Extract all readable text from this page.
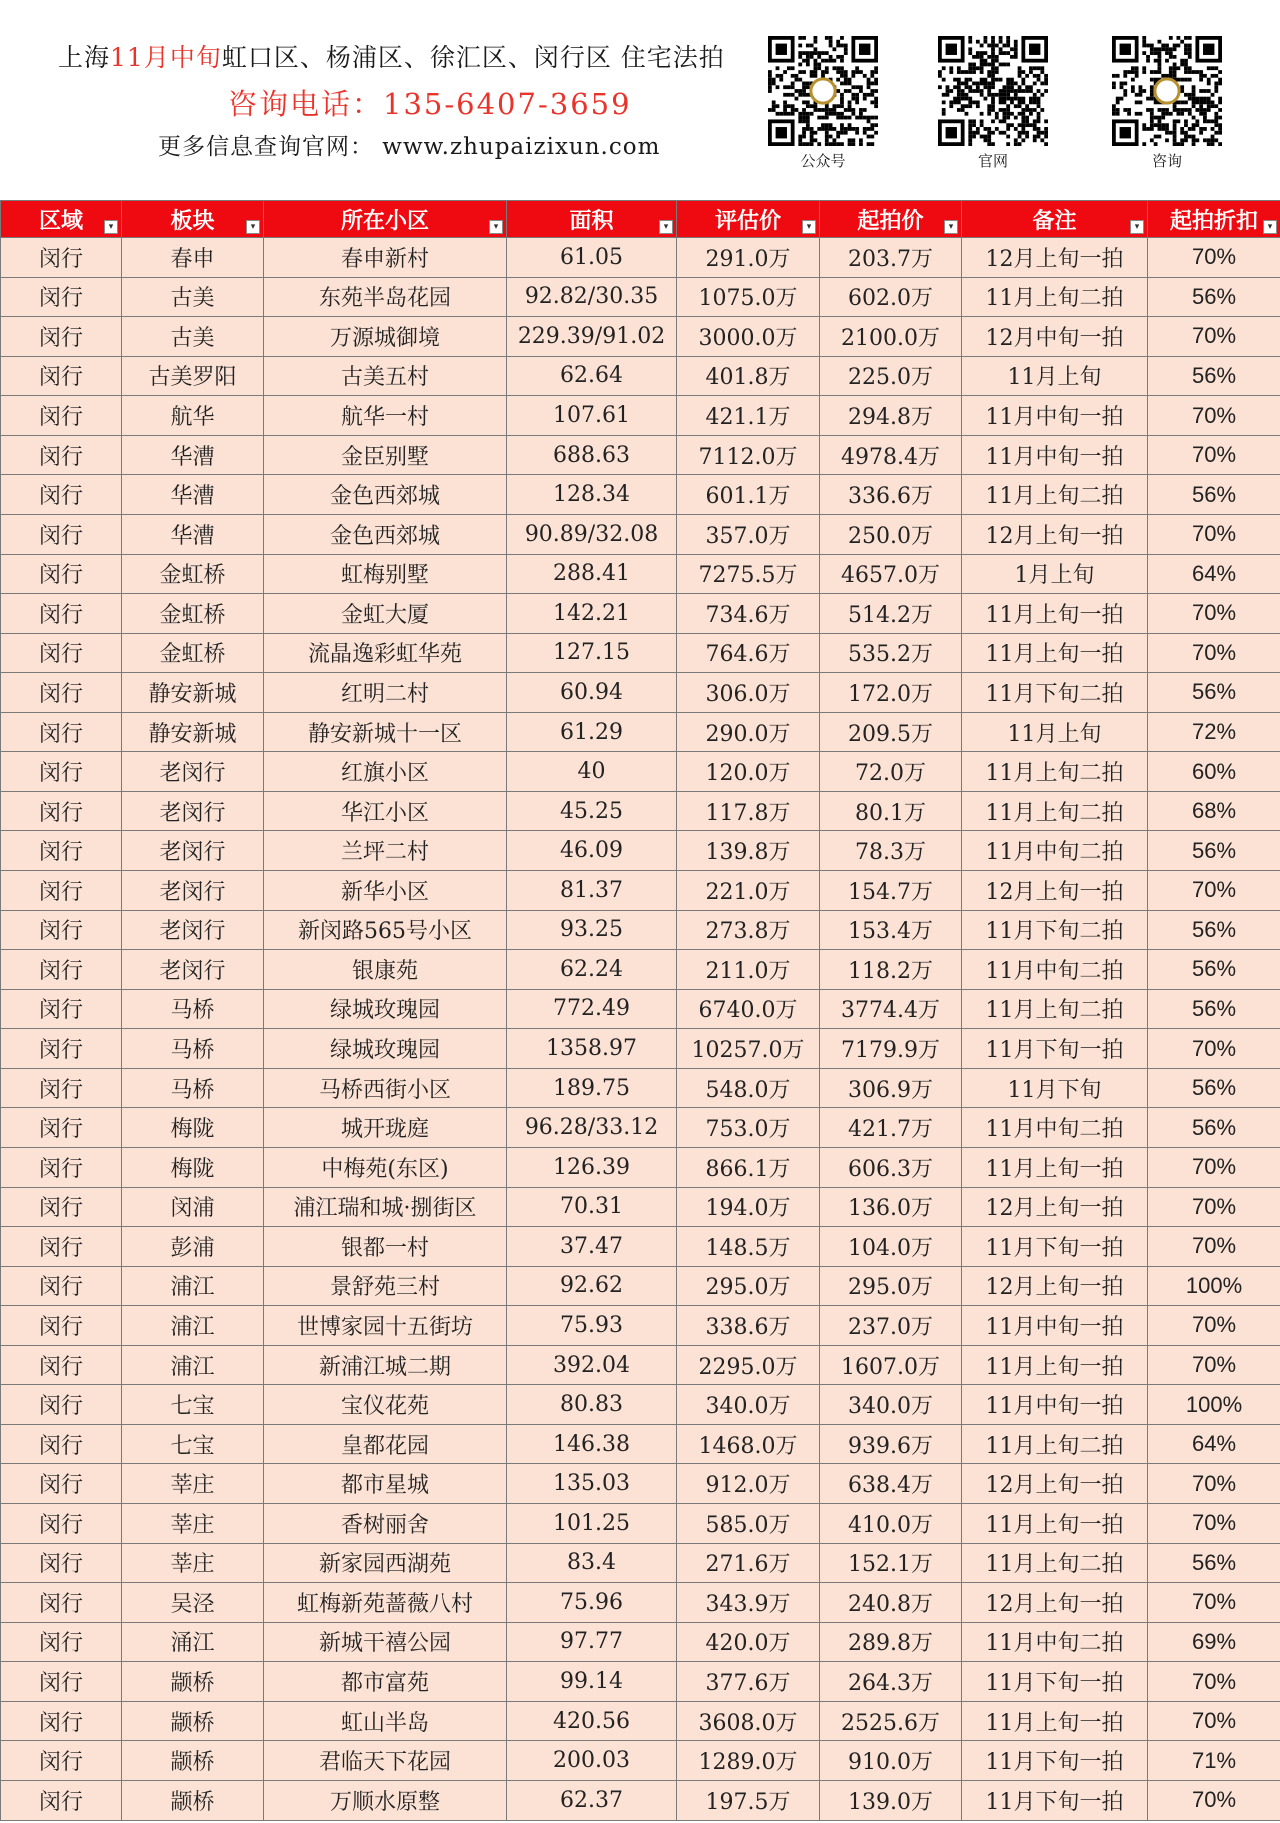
上海11月中旬虹口区、杨浦区、徐汇区、闵行区 住宅法拍
咨询电话：135-6407-3659
更多信息查询官网： www.zhupaizixun.com
公众号	官网	咨询
区域 ▾	板块 ▾	所在小区 ▾	面积 ▾	评估价 ▾	起拍价 ▾	备注 ▾	起拍折扣 ▾

闵行	春申	春申新村	61.05	291.0万	203.7万	12月上旬一拍	70%
闵行	古美	东苑半岛花园	92.82/30.35	1075.0万	602.0万	11月上旬二拍	56%
闵行	古美	万源城御境	229.39/91.02	3000.0万	2100.0万	12月中旬一拍	70%
闵行	古美罗阳	古美五村	62.64	401.8万	225.0万	11月上旬	56%
闵行	航华	航华一村	107.61	421.1万	294.8万	11月中旬一拍	70%
闵行	华漕	金臣别墅	688.63	7112.0万	4978.4万	11月中旬一拍	70%
闵行	华漕	金色西郊城	128.34	601.1万	336.6万	11月上旬二拍	56%
闵行	华漕	金色西郊城	90.89/32.08	357.0万	250.0万	12月上旬一拍	70%
闵行	金虹桥	虹梅别墅	288.41	7275.5万	4657.0万	1月上旬	64%
闵行	金虹桥	金虹大厦	142.21	734.6万	514.2万	11月上旬一拍	70%
闵行	金虹桥	流晶逸彩虹华苑	127.15	764.6万	535.2万	11月上旬一拍	70%
闵行	静安新城	红明二村	60.94	306.0万	172.0万	11月下旬二拍	56%
闵行	静安新城	静安新城十一区	61.29	290.0万	209.5万	11月上旬	72%
闵行	老闵行	红旗小区	40	120.0万	72.0万	11月上旬二拍	60%
闵行	老闵行	华江小区	45.25	117.8万	80.1万	11月上旬二拍	68%
闵行	老闵行	兰坪二村	46.09	139.8万	78.3万	11月中旬二拍	56%
闵行	老闵行	新华小区	81.37	221.0万	154.7万	12月上旬一拍	70%
闵行	老闵行	新闵路565号小区	93.25	273.8万	153.4万	11月下旬二拍	56%
闵行	老闵行	银康苑	62.24	211.0万	118.2万	11月中旬二拍	56%
闵行	马桥	绿城玫瑰园	772.49	6740.0万	3774.4万	11月上旬二拍	56%
闵行	马桥	绿城玫瑰园	1358.97	10257.0万	7179.9万	11月下旬一拍	70%
闵行	马桥	马桥西街小区	189.75	548.0万	306.9万	11月下旬	56%
闵行	梅陇	城开珑庭	96.28/33.12	753.0万	421.7万	11月中旬二拍	56%
闵行	梅陇	中梅苑(东区)	126.39	866.1万	606.3万	11月上旬一拍	70%
闵行	闵浦	浦江瑞和城·捌街区	70.31	194.0万	136.0万	12月上旬一拍	70%
闵行	彭浦	银都一村	37.47	148.5万	104.0万	11月下旬一拍	70%
闵行	浦江	景舒苑三村	92.62	295.0万	295.0万	12月上旬一拍	100%
闵行	浦江	世博家园十五街坊	75.93	338.6万	237.0万	11月中旬一拍	70%
闵行	浦江	新浦江城二期	392.04	2295.0万	1607.0万	11月上旬一拍	70%
闵行	七宝	宝仪花苑	80.83	340.0万	340.0万	11月中旬一拍	100%
闵行	七宝	皇都花园	146.38	1468.0万	939.6万	11月上旬二拍	64%
闵行	莘庄	都市星城	135.03	912.0万	638.4万	12月上旬一拍	70%
闵行	莘庄	香树丽舍	101.25	585.0万	410.0万	11月上旬一拍	70%
闵行	莘庄	新家园西湖苑	83.4	271.6万	152.1万	11月上旬二拍	56%
闵行	吴泾	虹梅新苑蔷薇八村	75.96	343.9万	240.8万	12月上旬一拍	70%
闵行	涌江	新城干禧公园	97.77	420.0万	289.8万	11月中旬二拍	69%
闵行	颛桥	都市富苑	99.14	377.6万	264.3万	11月下旬一拍	70%
闵行	颛桥	虹山半岛	420.56	3608.0万	2525.6万	11月上旬一拍	70%
闵行	颛桥	君临天下花园	200.03	1289.0万	910.0万	11月下旬一拍	71%
闵行	颛桥	万顺水原整	62.37	197.5万	139.0万	11月下旬一拍	70%
